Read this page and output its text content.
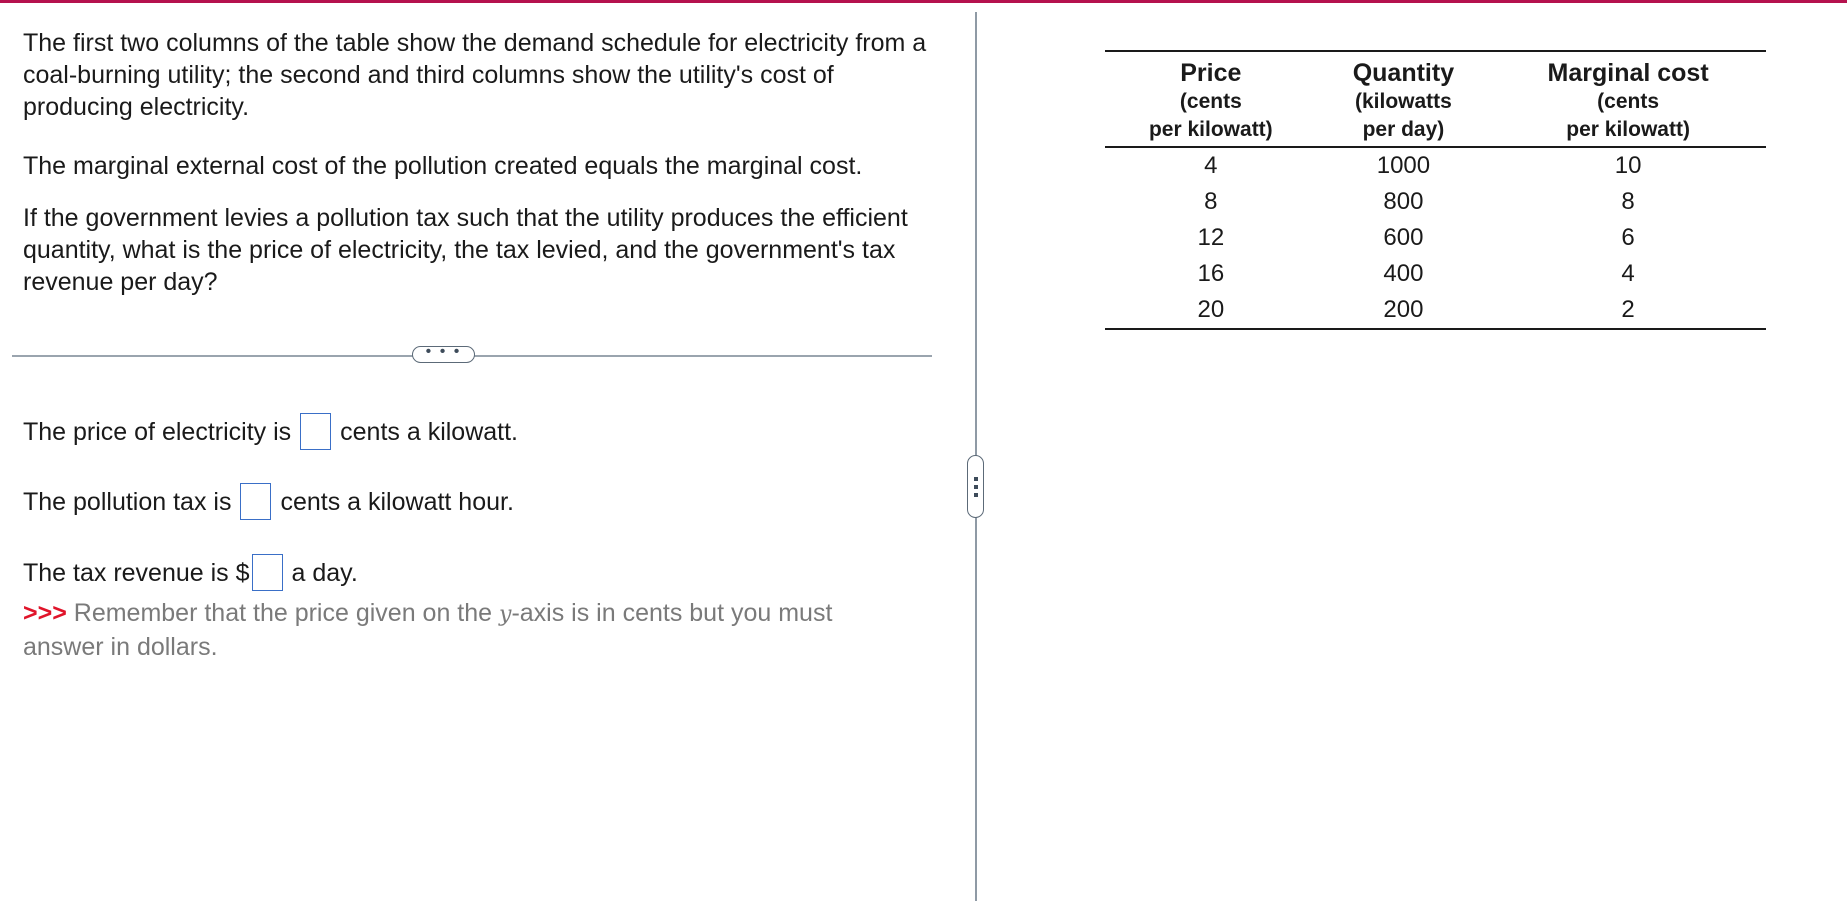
The first two columns of the table show the demand schedule for electricity from a coal-burning utility; the second and third columns show the utility's cost of producing electricity.

The marginal external cost of the pollution created equals the marginal cost.

If the government levies a pollution tax such that the utility produces the efficient quantity, what is the price of electricity, the tax levied, and the government's tax revenue per day?

• • •
The price of electricity is cents a kilowatt.
The pollution tax is cents a kilowatt hour.
The tax revenue is $ a day.
>>> Remember that the price given on the y-axis is in cents but you must answer in dollars.
Price
(cents
per kilowatt)	Quantity
(kilowatts
per day)	Marginal cost
(cents
per kilowatt)

4	1000	10
8	800	8
12	600	6
16	400	4
20	200	2
